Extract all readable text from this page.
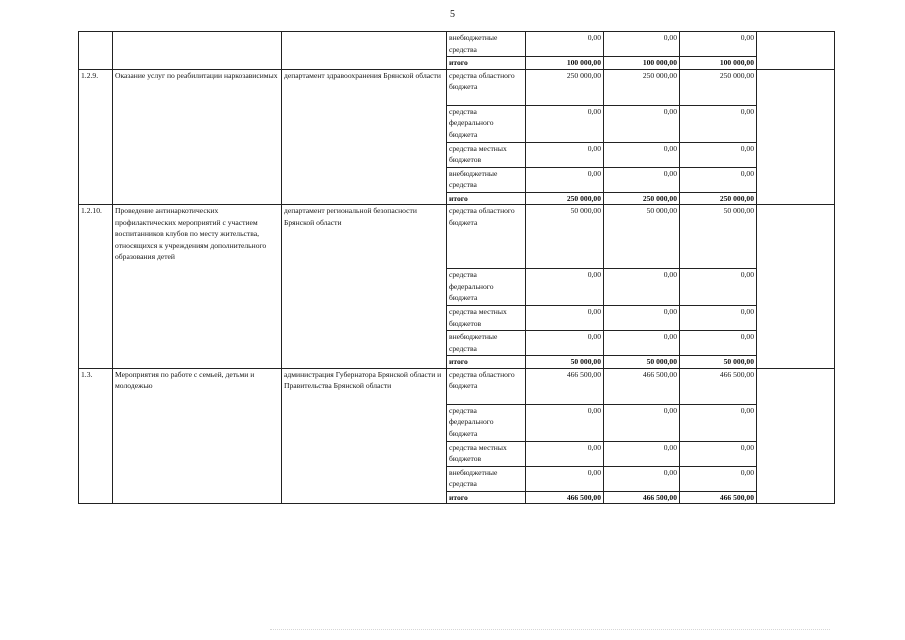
5
			внебюджетные средства	0,00	0,00	0,00	
			итого	100 000,00	100 000,00	100 000,00	
1.2.9.	Оказание услуг по реабилитации наркозависимых	департамент здравоохранения Брянской области	средства областного бюджета	250 000,00	250 000,00	250 000,00	
			средства федерального бюджета	0,00	0,00	0,00	
			средства местных бюджетов	0,00	0,00	0,00	
			внебюджетные средства	0,00	0,00	0,00	
			итого	250 000,00	250 000,00	250 000,00	
1.2.10.	Проведение антинаркотических профилактических мероприятий с участием воспитанников клубов по месту жительства, относящихся к учреждениям дополнительного образования детей	департамент региональной безопасности Брянской области	средства областного бюджета	50 000,00	50 000,00	50 000,00	
			средства федерального бюджета	0,00	0,00	0,00	
			средства местных бюджетов	0,00	0,00	0,00	
			внебюджетные средства	0,00	0,00	0,00	
			итого	50 000,00	50 000,00	50 000,00	
1.3.	Мероприятия по работе с семьей, детьми и молодежью	администрация Губернатора Брянской области и Правительства Брянской области	средства областного бюджета	466 500,00	466 500,00	466 500,00	
			средства федерального бюджета	0,00	0,00	0,00	
			средства местных бюджетов	0,00	0,00	0,00	
			внебюджетные средства	0,00	0,00	0,00	
			итого	466 500,00	466 500,00	466 500,00	
